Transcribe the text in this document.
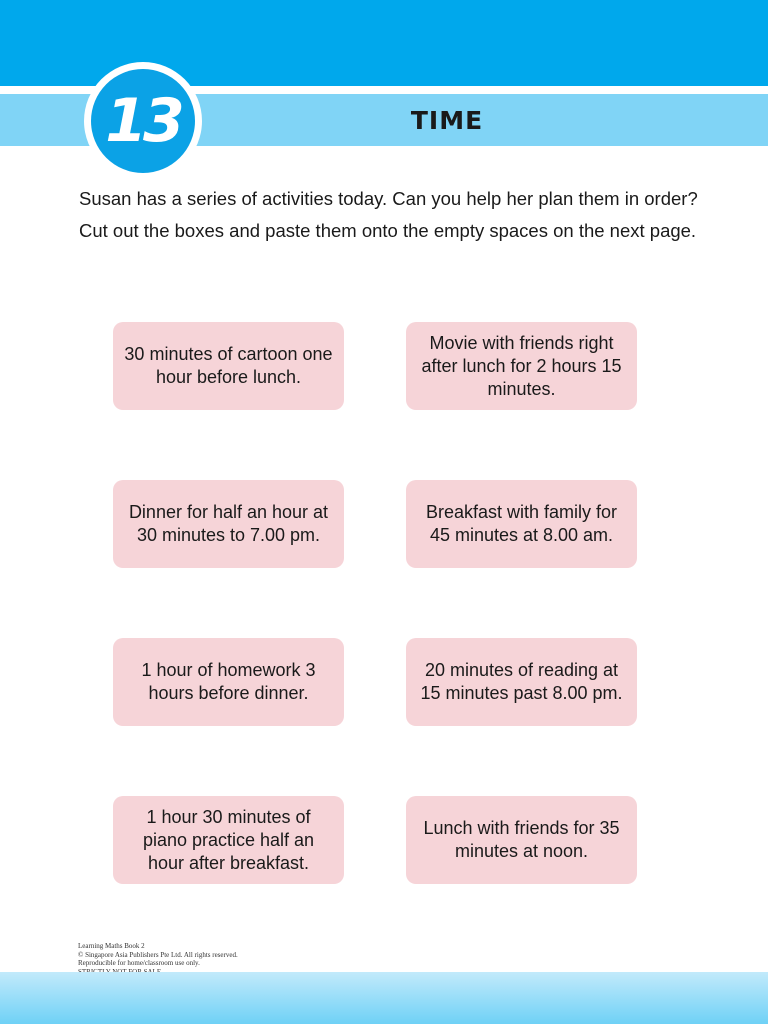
13	TIME

Susan has a series of activities today. Can you help her plan them in order?

Cut out the boxes and paste them onto the empty spaces on the next page.

30 minutes of cartoon one hour before lunch.
Movie with friends right after lunch for 2 hours 15 minutes.
Dinner for half an hour at 30 minutes to 7.00 pm.
Breakfast with family for 45 minutes at 8.00 am.
1 hour of homework 3 hours before dinner.
20 minutes of reading at 15 minutes past 8.00 pm.
1 hour 30 minutes of piano practice half an hour after breakfast.
Lunch with friends for 35 minutes at noon.
Learning Maths Book 2
© Singapore Asia Publishers Pte Ltd. All rights reserved.
Reproducible for home/classroom use only.
